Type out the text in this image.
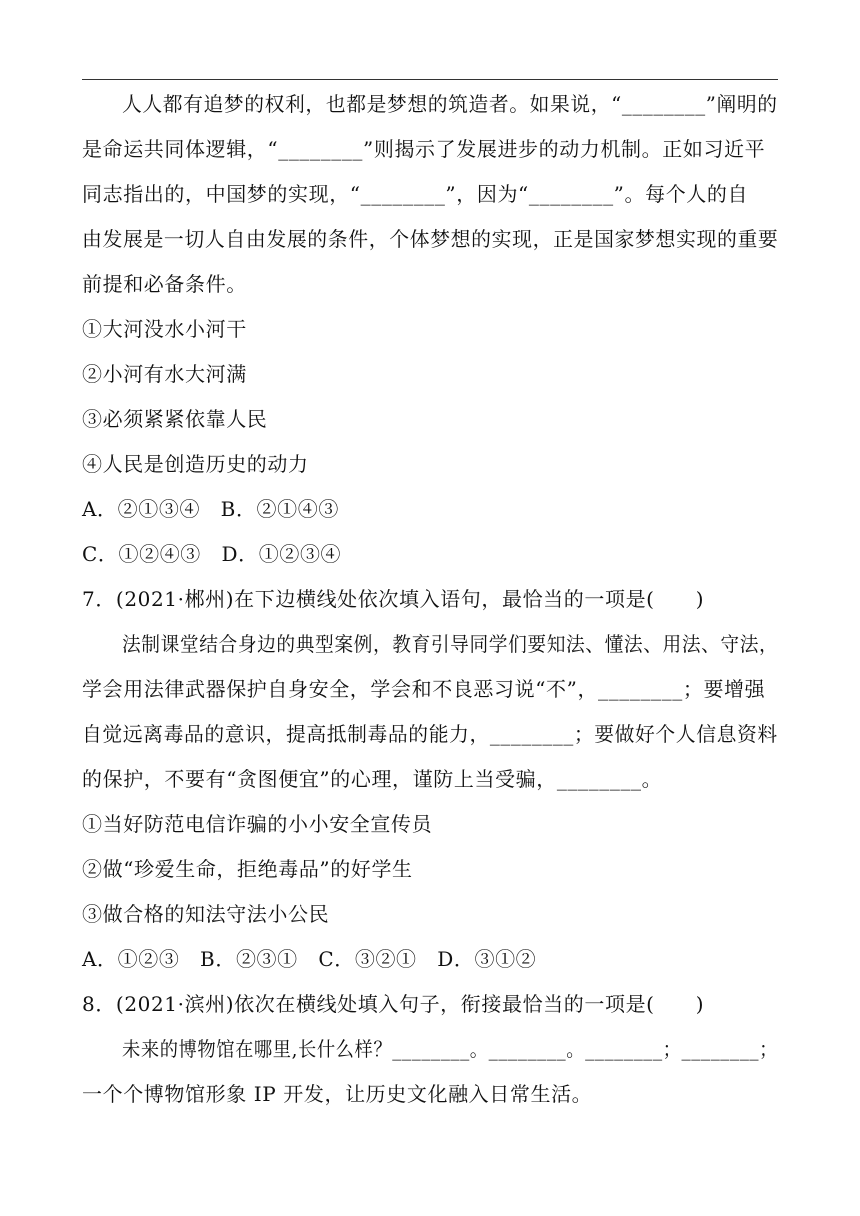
人人都有追梦的权利，也都是梦想的筑造者。如果说，“________”阐明的
是命运共同体逻辑，“________”则揭示了发展进步的动力机制。正如习近平
同志指出的，中国梦的实现，“________”，因为“________”。每个人的自
由发展是一切人自由发展的条件，个体梦想的实现，正是国家梦想实现的重要
前提和必备条件。
①大河没水小河干
②小河有水大河满
③必须紧紧依靠人民
④人民是创造历史的动力
A．②①③④　B．②①④③
C．①②④③　D．①②③④
7．(2021·郴州)在下边横线处依次填入语句，最恰当的一项是(　　)
法制课堂结合身边的典型案例，教育引导同学们要知法、懂法、用法、守法，
学会用法律武器保护自身安全，学会和不良恶习说“不”，________；要增强
自觉远离毒品的意识，提高抵制毒品的能力，________；要做好个人信息资料
的保护，不要有“贪图便宜”的心理，谨防上当受骗，________。
①当好防范电信诈骗的小小安全宣传员
②做“珍爱生命，拒绝毒品”的好学生
③做合格的知法守法小公民
A．①②③　B．②③①　C．③②①　D．③①②
8．(2021·滨州)依次在横线处填入句子，衔接最恰当的一项是(　　)
未来的博物馆在哪里,长什么样？________。________。________；________；
一个个博物馆形象 IP 开发，让历史文化融入日常生活。
